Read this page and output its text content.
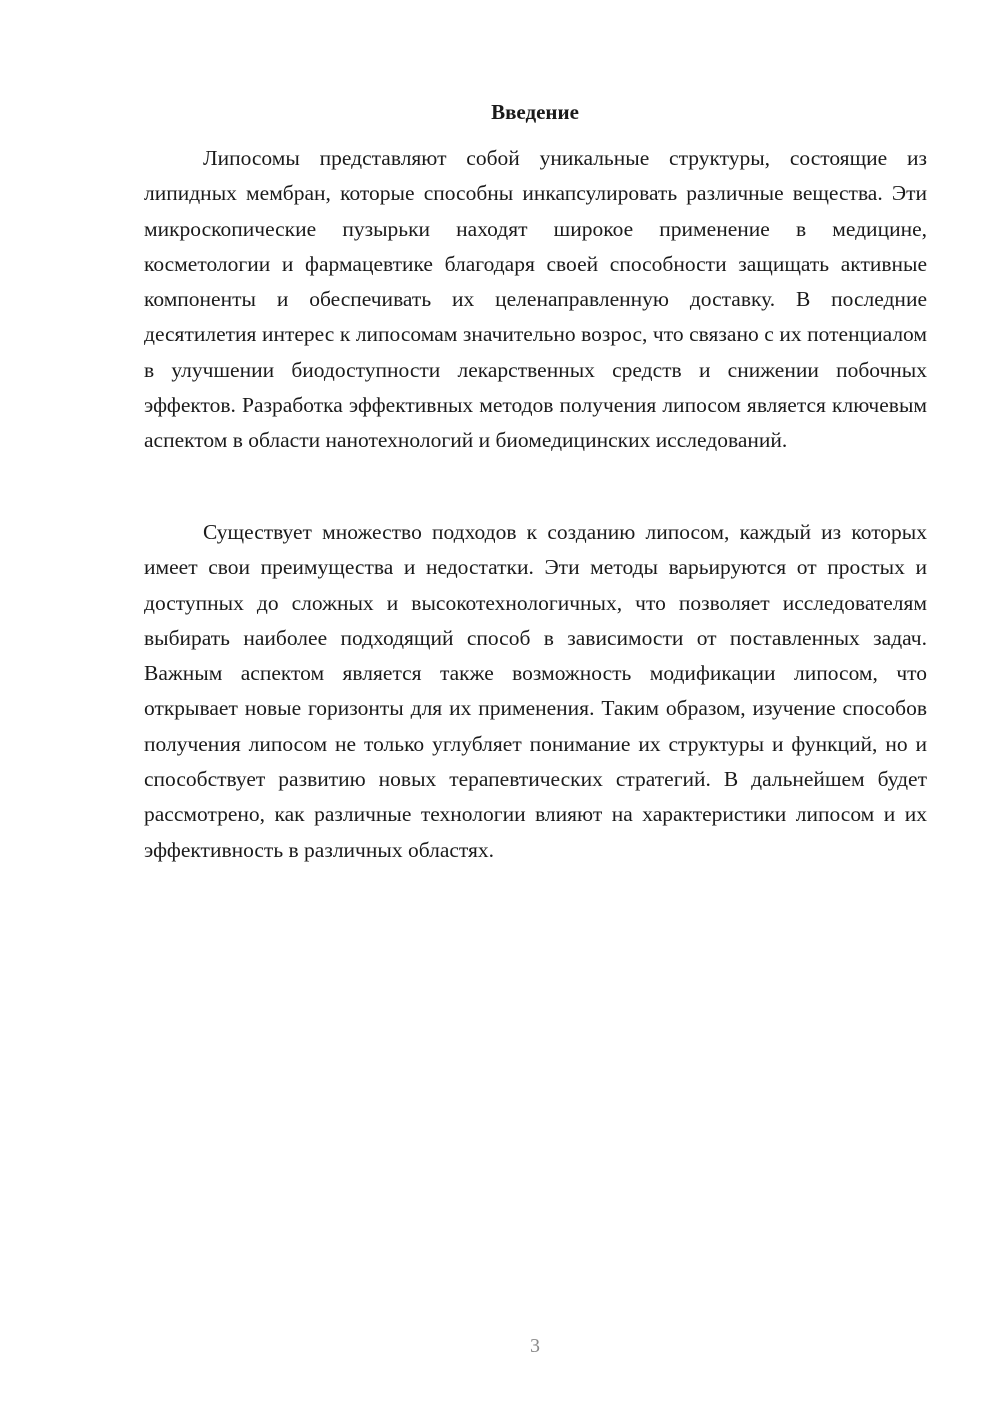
Введение

Липосомы представляют собой уникальные структуры, состоящие из липидных мембран, которые способны инкапсулировать различные вещества. Эти микроскопические пузырьки находят широкое применение в медицине, косметологии и фармацевтике благодаря своей способности защищать активные компоненты и обеспечивать их целенаправленную доставку. В последние десятилетия интерес к липосомам значительно возрос, что связано с их потенциалом в улучшении биодоступности лекарственных средств и снижении побочных эффектов. Разработка эффективных методов получения липосом является ключевым аспектом в области нанотехнологий и биомедицинских исследований.

Существует множество подходов к созданию липосом, каждый из которых имеет свои преимущества и недостатки. Эти методы варьируются от простых и доступных до сложных и высокотехнологичных, что позволяет исследователям выбирать наиболее подходящий способ в зависимости от поставленных задач. Важным аспектом является также возможность модификации липосом, что открывает новые горизонты для их применения. Таким образом, изучение способов получения липосом не только углубляет понимание их структуры и функций, но и способствует развитию новых терапевтических стратегий. В дальнейшем будет рассмотрено, как различные технологии влияют на характеристики липосом и их эффективность в различных областях.

3
